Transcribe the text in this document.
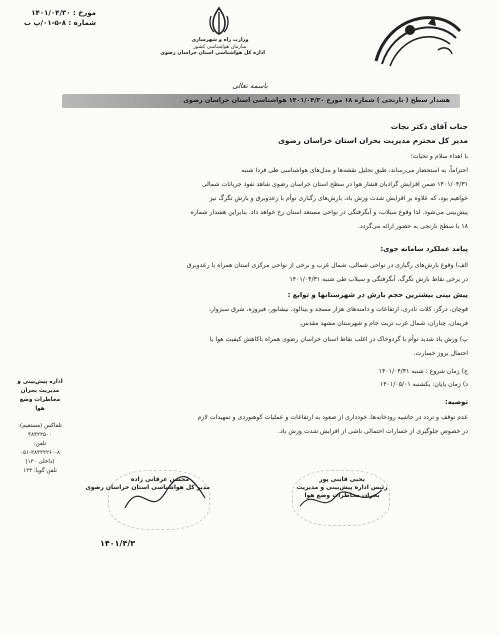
مورخ : ۱۴۰۱/۰۴/۳۰
شماره : ۸-۵-۰۱/پ ب
وزارت راه و شهرسازی
سازمان هواشناسی کشور
اداره کل هواشناسی استان خراسان رضوی
باسمه تعالی
هشدار سطح ( نارنجی ) شماره ۱۸ مورخ ۱۴۰۱/۰۴/۳۰ هواشناسی استان خراسان رضوی
جناب آقای دکتر نجات
مدیر کل محترم مدیریت بحران استان خراسان رضوی
با اهداء سلام و تحیات؛
احتراماً، به استحضار می‌رساند، طبق تحلیل نقشه‌ها و مدل‌های هواشناسی طی فردا شنبه
۱۴۰۱/۰۴/۳۱ ضمن افزایش گرادیان فشار هوا در سطح استان خراسان رضوی شاهد نفوذ جریانات شمالی
خواهیم بود، که علاوه بر افزایش شدت وزش باد، بارش‌های رگباری توأم با رعدوبرق و بارش تگرگ نیز
پیش‌بینی می‌شود. لذا وقوع سیلاب، و آبگرفتگی در نواحی مستعد استان رخ خواهد داد. بنابراین هشدار شماره
۱۸ با سطح نارنجی به حضور ارائه می‌گردد.
پیامد عملکرد سامانه جوی:
الف) وقوع بارش‌های رگباری در نواحی شمالی، شمال غرب و برخی از نواحی مرکزی استان همراه با رعدوبرق
در برخی نقاط بارش تگرگ، آبگرفتگی و سیلاب طی شنبه ۱۴۰۱/۰۴/۳۱
پیش بینی بیشترین حجم بارش در شهرستانها و توابع :
قوچان، درگز، کلات نادری، ارتفاعات و دامنه‌های هزار مسجد و بینالود، نیشابور، فیروزه، شرق سبزوار،
فریمان، چناران، شمال غرب تربت جام و شهرستان مشهد مقدس.
پ) وزش باد شدید توأم با گردوخاک در اغلب نقاط استان خراسان رضوی همراه باکاهش کیفیت هوا یا
احتمال بروز خسارت.
ج) زمان شروع : شنبه ۱۴۰۱/۰۴/۳۱
د) زمان پایان: یکشنبه ۱۴۰۱/۰۵/۰۱
توصیه:
عدم توقف و تردد در حاشیه رودخانه‌ها، خودداری از صعود به ارتفاعات و عملیات کوهنوردی و تمهیدات لازم
در خصوص جلوگیری از خسارات احتمالی ناشی از افزایش شدت وزش باد.
اداره پیش‌بینی و
مدیریت بحران
مخاطرات وضع
هوا
تلفاکس (مستقیم):
۳۸۴۲۲۵۰۰
تلفن:
۰۵۱-۳۸۴۳۳۲۶۰-۸
(داخلی ۱۳۰)
تلفن گویا: ۱۳۴
محسن عرفانی زاده
مدیر کل هواشناسی استان خراسان رضوی
۱۴۰۱/۴/۳
یحیی قاینی پور
رئیس اداره پیش‌بینی و مدیریت
بحران مخاطرات وضع هوا
